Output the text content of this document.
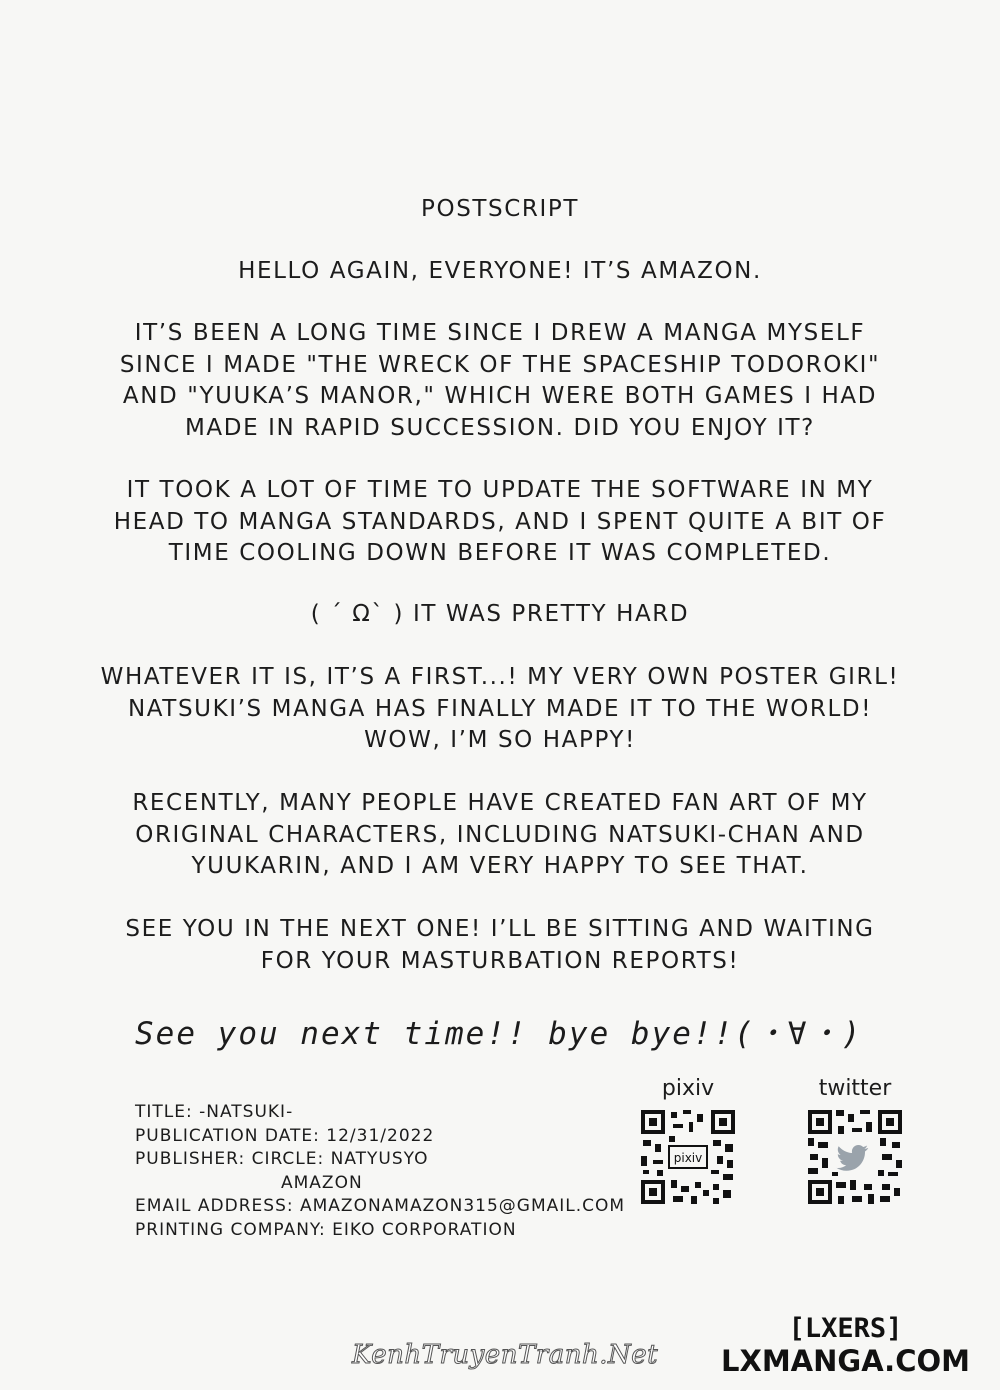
POSTSCRIPT
HELLO AGAIN, EVERYONE! IT’S AMAZON.
IT’S BEEN A LONG TIME SINCE I DREW A MANGA MYSELF
SINCE I MADE "THE WRECK OF THE SPACESHIP TODOROKI"
AND "YUUKA’S MANOR," WHICH WERE BOTH GAMES I HAD
MADE IN RAPID SUCCESSION. DID YOU ENJOY IT?
IT TOOK A LOT OF TIME TO UPDATE THE SOFTWARE IN MY
HEAD TO MANGA STANDARDS, AND I SPENT QUITE A BIT OF
TIME COOLING DOWN BEFORE IT WAS COMPLETED.
( ´ Ω` ) IT WAS PRETTY HARD
WHATEVER IT IS, IT’S A FIRST...! MY VERY OWN POSTER GIRL!
NATSUKI’S MANGA HAS FINALLY MADE IT TO THE WORLD!
WOW, I’M SO HAPPY!
RECENTLY, MANY PEOPLE HAVE CREATED FAN ART OF MY
ORIGINAL CHARACTERS, INCLUDING NATSUKI-CHAN AND
YUUKARIN, AND I AM VERY HAPPY TO SEE THAT.
SEE YOU IN THE NEXT ONE! I’LL BE SITTING AND WAITING
FOR YOUR MASTURBATION REPORTS!
See you next time!! bye bye!!(・∀・)
TITLE: -NATSUKI-
PUBLICATION DATE: 12/31/2022
PUBLISHER: CIRCLE: NATYUSYO
AMAZON
EMAIL ADDRESS: AMAZONAMAZON315@GMAIL.COM
PRINTING COMPANY: EIKO CORPORATION
pixiv
pixiv
twitter
KenhTruyenTranh.Net
[LXERS]
LXMANGA.COM
